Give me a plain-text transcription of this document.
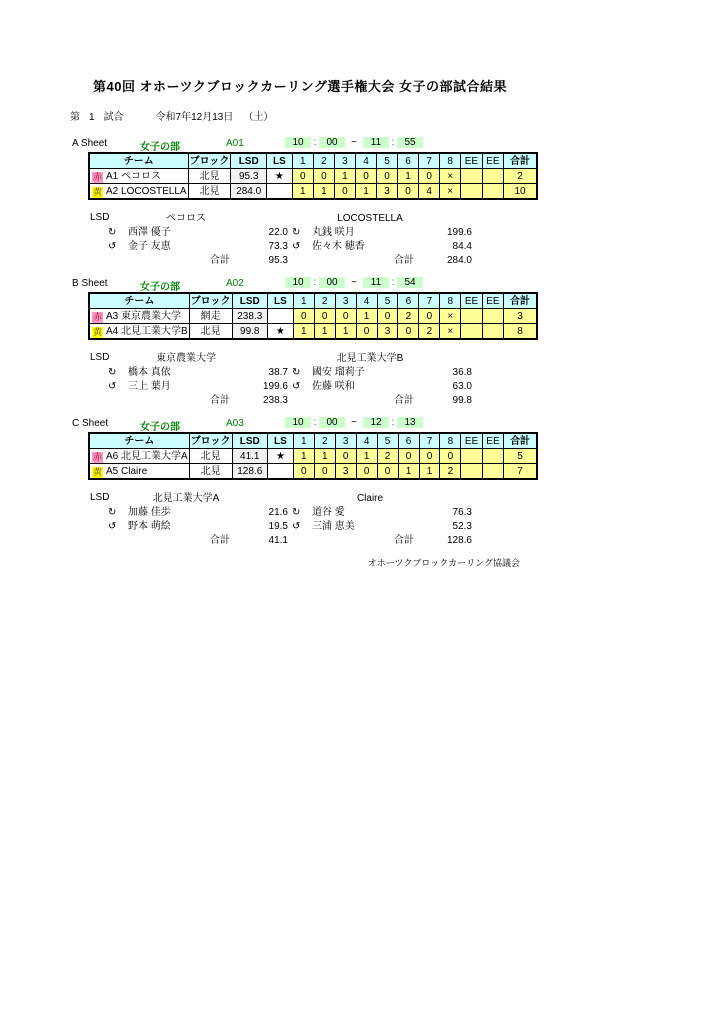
第40回 オホーツクブロックカーリング選手権大会 女子の部試合結果
第 1 試合	令和7年12月13日 （土）
A Sheet	女子の部	A01	10	:	00	~	11	:	55
チーム	ブロック	LSD	LS	1	2	3	4	5	6	7	8	EE	EE	合計
赤 A1 ペコロス	北見	95.3	★	0	0	1	0	0	1	0	×			2
黄 A2 LOCOSTELLA	北見	284.0		1	1	0	1	3	0	4	×			10
LSD	ペコロス
↻	西澤 優子	22.0
↺	金子 友恵	73.3
合計	95.3
LOCOSTELLA
↻	丸銭 咲月	199.6
↺	佐々木 穂香	84.4
合計	284.0
B Sheet	女子の部	A02	10	:	00	~	11	:	54
チーム	ブロック	LSD	LS	1	2	3	4	5	6	7	8	EE	EE	合計
赤 A3 東京農業大学	網走	238.3		0	0	0	1	0	2	0	×			3
黄 A4 北見工業大学B	北見	99.8	★	1	1	1	0	3	0	2	×			8
LSD	東京農業大学
↻	橋本 真依	38.7
↺	三上 葉月	199.6
合計	238.3
北見工業大学B
↻	國安 瑠莉子	36.8
↺	佐藤 咲和	63.0
合計	99.8
C Sheet	女子の部	A03	10	:	00	~	12	:	13
チーム	ブロック	LSD	LS	1	2	3	4	5	6	7	8	EE	EE	合計
赤 A6 北見工業大学A	北見	41.1	★	1	1	0	1	2	0	0	0			5
黄 A5 Claire	北見	128.6		0	0	3	0	0	1	1	2			7
LSD	北見工業大学A
↻	加藤 佳歩	21.6
↺	野本 萌絵	19.5
合計	41.1
Claire
↻	道谷 愛	76.3
↺	三浦 恵美	52.3
合計	128.6
オホーツクブロックカーリング協議会
